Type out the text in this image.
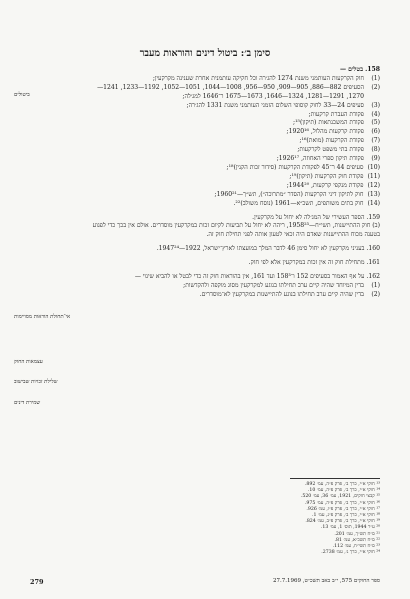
סימן ב׳: ביטול דינים והוראות מעבר
ביטולים
אי־תחולת הוראות מסויימות
עצמאות החוק
שלילת זכויות שבישוב
שמירת דינים

158. בטלים —

(1)
חוק הקרקעות העותמני משנת 1274 להג׳רה וכל חקיקה עותמנית אחרת שענינה מקרקעין;
(2)
הסעיפים 882—886, 905—909, 950—956, 1008—1044, 1051—1052, 1192—1233, 1241—1270, 1291—1281, 1324—1646, 1673—1675 ר־1646 למג׳לה;
(3)
סעיפים 24—33 לחוק קוסופי השלום הזמני העותמני משנת 1331 להג׳רה;
(4)
פקודת העברת קרקעות;
(5)
פקודת המשכנתאות (תיקון)¹⁵;
(6)
פקודת קרקעות מהלול, 1920¹⁶;
(7)
פקודת הקרקעות (מואת)¹⁶;
(8)
פקודת בתי משפט לקרקעות;
(9)
פקודת תיקון ספרי האחוזה, 1926¹⁷;
(10)
סעיפים 44 ר־45 לפקודת הקרקעות (סידור זכות הקנין)¹⁸;
(11)
פקודת חוק הקרקעות (תיקון)¹⁹;
(12)
פקודת מנקפי קרקעות, 1944²⁰;
(13)
חוק לתיקון דיני הקרקעות (הסדר ״מתרוכה״), תש״ך—1960²¹;
(14)
חוק בתים משותפים, תשכ״א—1961 (נוסח משולב)²².

159. הספר העשירי של המג׳לה לא יחול על מקרקעין.

(ב) חוק ההתיישנות, תשי״ח—1958²³, ריהה לא יחול על תביעות לקיום זכות במקרקעין מוסדרים. אולם אין בכך כדי לפגוע בטענה מכוח ההתיישנות שאדם היה זכאי לטעון אותה לפני תחילת חוק זה.

160. בעניני מקרקעין לא יחול סימן 46 לדבר המלך במועצתו לארץ־ישראל, 1922—1947²⁴.

161. מתחילת חוק זה אין זכות במקרקעין אלא לפי חוק.

162. על אף האמור בסעיפים 152 ו־158³ ועד 161, אין בהוראות חוק זה כדי לבטל או להביא שינוי —

(1)
בדין המיוחד שהיה קיים ערב תחילתו בנוגע למקרקעין מסוג מוקפה ולהקדשות;
(2)
בדין שהיה קיים ערב תחילתו בנוגע להתיישנות במקרקעין לא־מוסדרים.

¹³ חוקי א״י, כרך ב׳, פרק פ״ה, עמ׳ 892.

¹⁴ חוקי א״י, כרך ב׳, פרק פ״ה, עמ׳ 10.

¹⁵ קבצי חוקים, 1921, עמ׳ 36, עמ׳ 520.

¹⁶ חוקי א״י, כרך ב׳, פרק פ״ה, עמ׳ 975.

¹⁷ חוקי א״י, כרך ב׳, פרק פ״ו, עמ׳ 926.

¹⁸ חוקי א״י, כרך ב׳, פרק פ״ג, עמ׳ 1.

¹⁹ חוקי א״י, כרך ב׳, פרק פ״ב, עמ׳ 824.

²⁰ ע״ר 1944, תוס׳ 1, עמ׳ 13.

²¹ ס״ח תש״ך, עמ׳ 201.

²² ס״ח תשכ״א, עמ׳ 81.

²³ ס״ח תשי״ח, עמ׳ 112.

²⁴ חוקי א״י, כרך ג׳, עמ׳ 2738.

279	ספר החוקים 575, י״ב באב תשכ״ט, 27.7.1969
